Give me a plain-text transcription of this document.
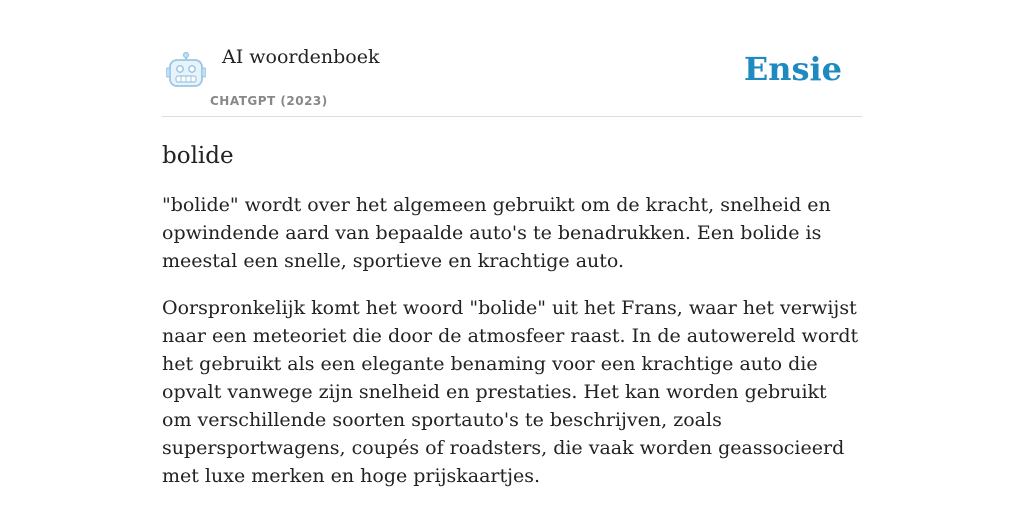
AI woordenboek
CHATGPT (2023)
Ensie
bolide

"bolide" wordt over het algemeen gebruikt om de kracht, snelheid en opwindende aard van bepaalde auto's te benadrukken. Een bolide is meestal een snelle, sportieve en krachtige auto.

Oorspronkelijk komt het woord "bolide" uit het Frans, waar het verwijst naar een meteoriet die door de atmosfeer raast. In de autowereld wordt het gebruikt als een elegante benaming voor een krachtige auto die opvalt vanwege zijn snelheid en prestaties. Het kan worden gebruikt om verschillende soorten sportauto's te beschrijven, zoals supersportwagens, coupés of roadsters, die vaak worden geassocieerd met luxe merken en hoge prijskaartjes.
